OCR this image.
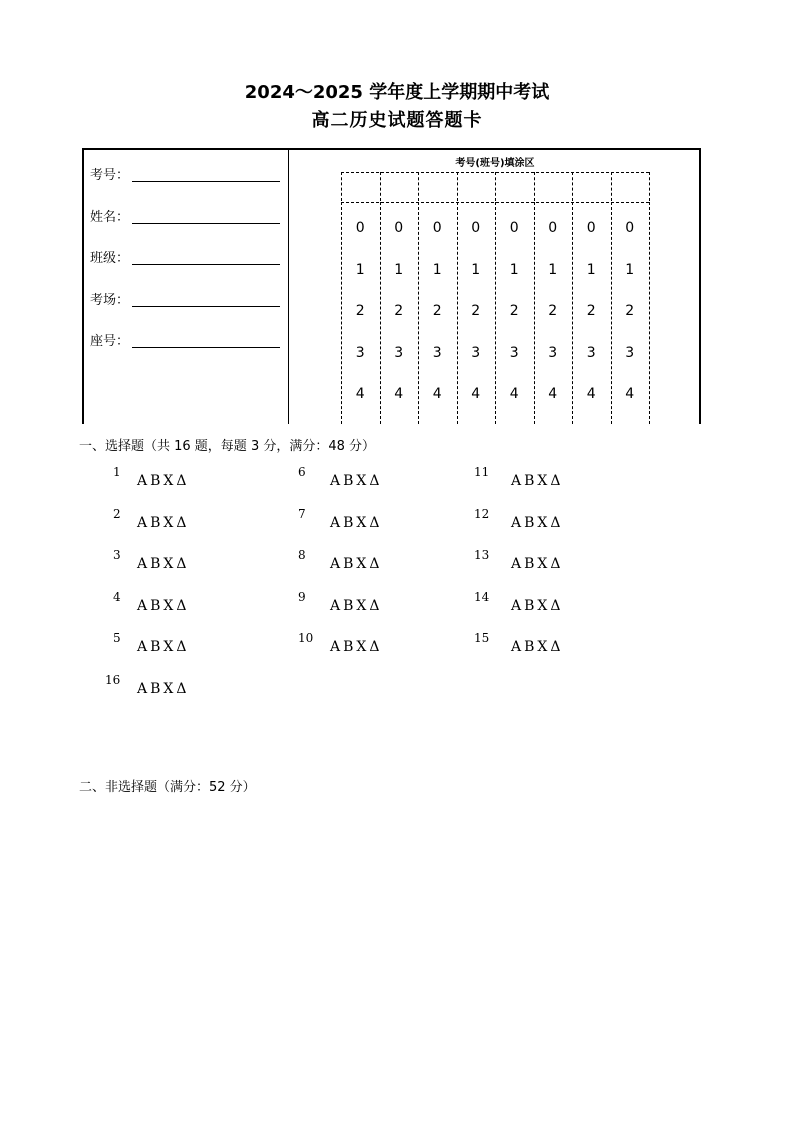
2024～2025 学年度上学期期中考试
高二历史试题答题卡
考号：
姓名：
班级：
考场：
座号：
考号(班号)填涂区
0	0	0	0	0	0	0	0
1	1	1	1	1	1	1	1
2	2	2	2	2	2	2	2
3	3	3	3	3	3	3	3
4	4	4	4	4	4	4	4
一、选择题（共 16 题，每题 3 分，满分：48 分）
1
ABXΔ
2
ABXΔ
3
ABXΔ
4
ABXΔ
5
ABXΔ
6
ABXΔ
7
ABXΔ
8
ABXΔ
9
ABXΔ
10
ABXΔ
11
ABXΔ
12
ABXΔ
13
ABXΔ
14
ABXΔ
15
ABXΔ
16
ABXΔ
二、非选择题（满分：52 分）
